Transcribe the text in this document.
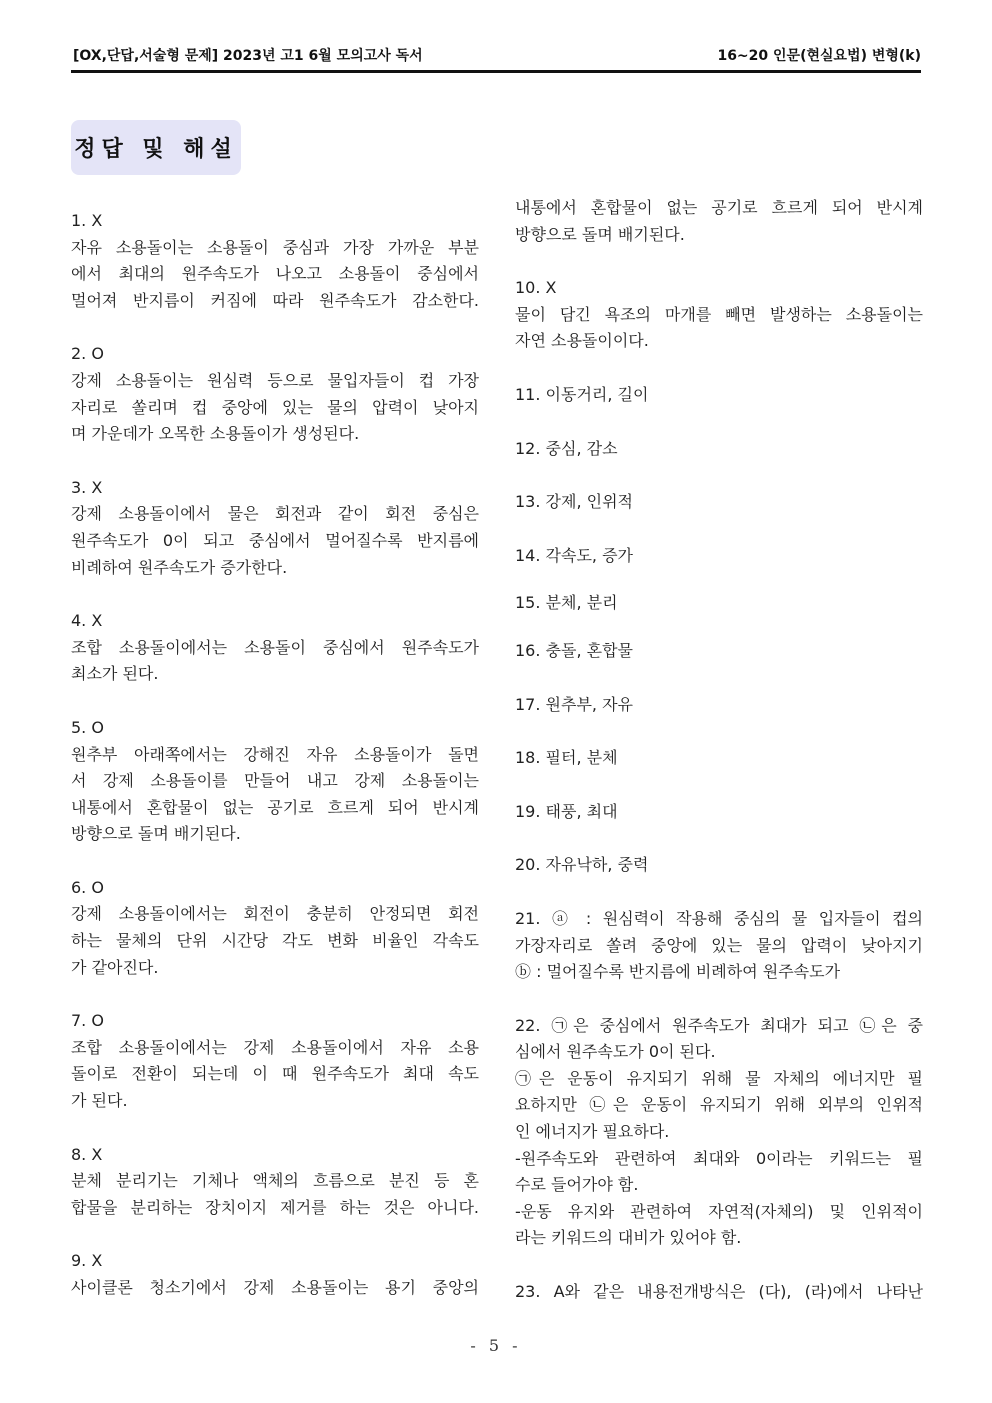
[OX,단답,서술형 문제] 2023년 고1 6월 모의고사 독서	16~20 인문(현실요법) 변형(k)
정답 및 해설
1. X
자유 소용돌이는 소용돌이 중심과 가장 가까운 부분
에서 최대의 원주속도가 나오고 소용돌이 중심에서
멀어져 반지름이 커짐에 따라 원주속도가 감소한다.
2. O
강제 소용돌이는 원심력 등으로 물입자들이 컵 가장
자리로 쏠리며 컵 중앙에 있는 물의 압력이 낮아지
며 가운데가 오목한 소용돌이가 생성된다.
3. X
강제 소용돌이에서 물은 회전과 같이 회전 중심은
원주속도가 0이 되고 중심에서 멀어질수록 반지름에
비례하여 원주속도가 증가한다.
4. X
조합 소용돌이에서는 소용돌이 중심에서 원주속도가
최소가 된다.
5. O
원추부 아래쪽에서는 강해진 자유 소용돌이가 돌면
서 강제 소용돌이를 만들어 내고 강제 소용돌이는
내통에서 혼합물이 없는 공기로 흐르게 되어 반시계
방향으로 돌며 배기된다.
6. O
강제 소용돌이에서는 회전이 충분히 안정되면 회전
하는 물체의 단위 시간당 각도 변화 비율인 각속도
가 같아진다.
7. O
조합 소용돌이에서는 강제 소용돌이에서 자유 소용
돌이로 전환이 되는데 이 때 원주속도가 최대 속도
가 된다.
8. X
분체 분리기는 기체나 액체의 흐름으로 분진 등 혼
합물을 분리하는 장치이지 제거를 하는 것은 아니다.
9. X
사이클론 청소기에서 강제 소용돌이는 용기 중앙의
내통에서 혼합물이 없는 공기로 흐르게 되어 반시계
방향으로 돌며 배기된다.
10. X
물이 담긴 욕조의 마개를 빼면 발생하는 소용돌이는
자연 소용돌이이다.
11. 이동거리, 길이
12. 중심, 감소
13. 강제, 인위적
14. 각속도, 증가
15. 분체, 분리
16. 충돌, 혼합물
17. 원추부, 자유
18. 필터, 분체
19. 태풍, 최대
20. 자유낙하, 중력
21. ⓐ : 원심력이 작용해 중심의 물 입자들이 컵의
가장자리로 쏠려 중앙에 있는 물의 압력이 낮아지기
ⓑ : 멀어질수록 반지름에 비례하여 원주속도가
22. ㉠은 중심에서 원주속도가 최대가 되고 ㉡은 중
심에서 원주속도가 0이 된다.
㉠은 운동이 유지되기 위해 물 자체의 에너지만 필
요하지만 ㉡은 운동이 유지되기 위해 외부의 인위적
인 에너지가 필요하다.
-원주속도와 관련하여 최대와 0이라는 키워드는 필
수로 들어가야 함.
-운동 유지와 관련하여 자연적(자체의) 및 인위적이
라는 키워드의 대비가 있어야 함.
23. A와 같은 내용전개방식은 (다), (라)에서 나타난
- 5 -
